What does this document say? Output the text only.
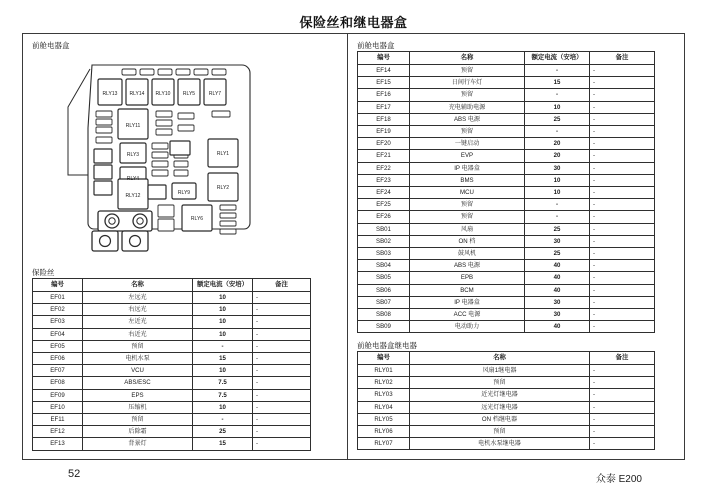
保险丝和继电器盒
前舱电器盒
RLY13 RLY14 RLY10 RLY5	RLY7
RLY11
RLY3
RLY4
RLY12
RLY1
RLY2
RLY9
RLY6
保险丝
编号	名称	额定电流（安培）	备注
EF01	左远光	10	-
EF02	右远光	10	-
EF03	左近光	10	-
EF04	右近光	10	-
EF05	预留	-	-
EF06	电机水泵	15	-
EF07	VCU	10	-
EF08	ABS/ESC	7.5	-
EF09	EPS	7.5	-
EF10	压缩机	10	-
EF11	预留	-	-
EF12	后除霜	25	-
EF13	背景灯	15	-
前舱电器盒
编号	名称	额定电流（安培）	备注
EF14	预留	-	-
EF15	日间行车灯	15	-
EF16	预留	-	-
EF17	充电辅助电源	10	-
EF18	ABS 电源	25	-
EF19	预留	-	-
EF20	一键启动	20	-
EF21	EVP	20	-
EF22	IP 电器盒	30	-
EF23	BMS	10	-
EF24	MCU	10	-
EF25	预留	-	-
EF26	预留	-	-
SB01	风扇	25	-
SB02	ON 档	30	-
SB03	鼓风机	25	-
SB04	ABS 电源	40	-
SB05	EPB	40	-
SB06	BCM	40	-
SB07	IP 电器盒	30	-
SB08	ACC 电源	30	-
SB09	电动助力	40	-
前舱电器盒继电器
编号	名称	备注
RLY01	风扇1继电器	-
RLY02	预留	-
RLY03	近光灯继电器	-
RLY04	远光灯继电器	-
RLY05	ON 档继电器	-
RLY06	预留	-
RLY07	电机水泵继电器	-
52	众泰 E200
